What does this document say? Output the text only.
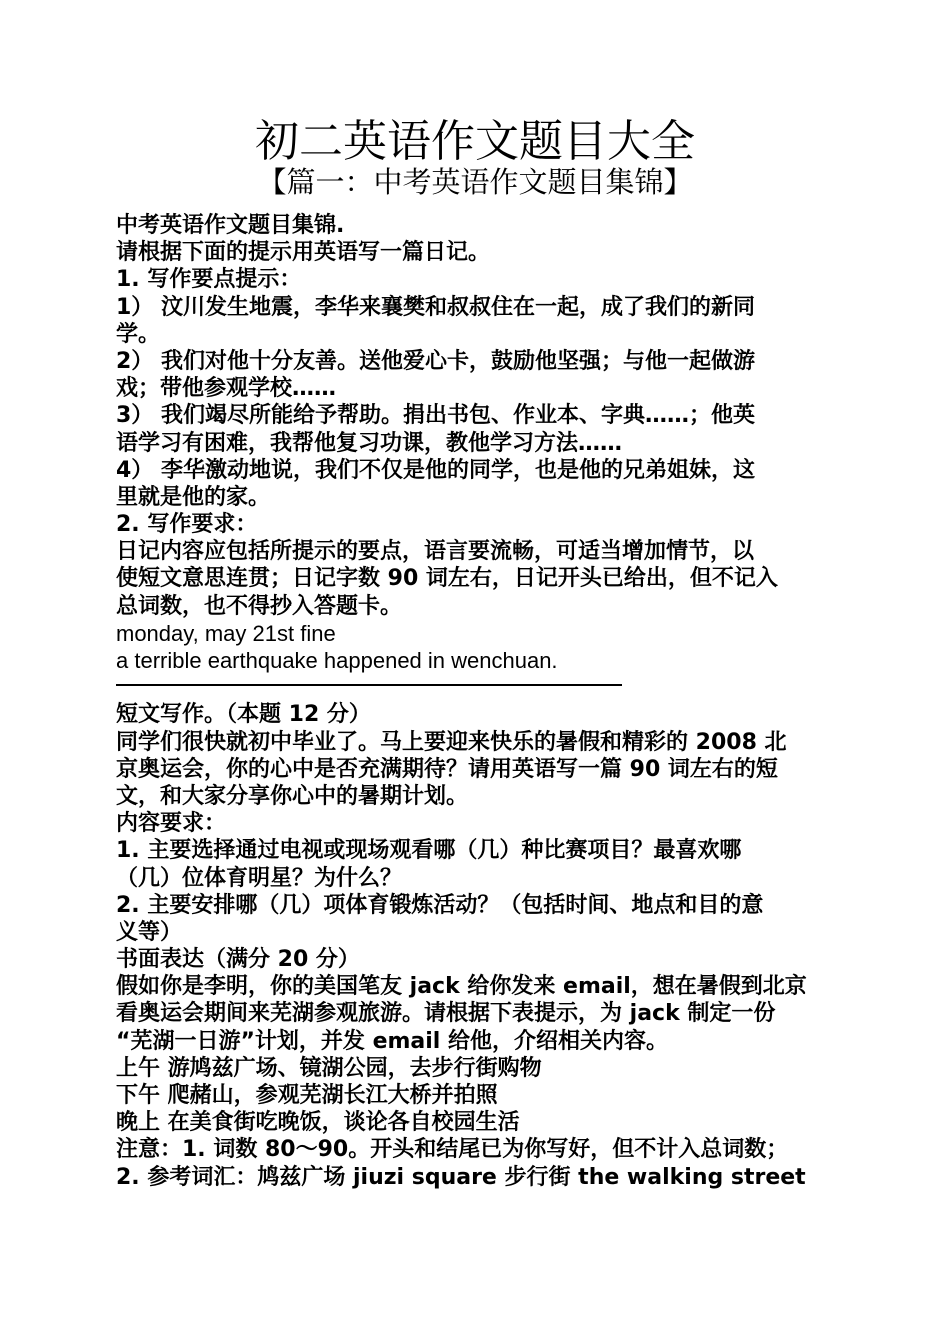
初二英语作文题目大全
【篇一：中考英语作文题目集锦】
中考英语作文题目集锦.
请根据下面的提示用英语写一篇日记。
1. 写作要点提示：
1） 汶川发生地震，李华来襄樊和叔叔住在一起，成了我们的新同
学。
2） 我们对他十分友善。送他爱心卡，鼓励他坚强；与他一起做游
戏；带他参观学校……
3） 我们竭尽所能给予帮助。捐出书包、作业本、字典……；他英
语学习有困难，我帮他复习功课，教他学习方法……
4） 李华激动地说，我们不仅是他的同学，也是他的兄弟姐妹，这
里就是他的家。
2. 写作要求：
日记内容应包括所提示的要点，语言要流畅，可适当增加情节，以
使短文意思连贯；日记字数 90 词左右，日记开头已给出，但不记入
总词数，也不得抄入答题卡。
monday, may 21st fine
a terrible earthquake happened in wenchuan.
短文写作。（本题 12 分）
同学们很快就初中毕业了。马上要迎来快乐的暑假和精彩的 2008 北
京奥运会，你的心中是否充满期待？请用英语写一篇 90 词左右的短
文，和大家分享你心中的暑期计划。
内容要求：
1. 主要选择通过电视或现场观看哪（几）种比赛项目？最喜欢哪
（几）位体育明星？为什么？
2. 主要安排哪（几）项体育锻炼活动？（包括时间、地点和目的意
义等）
书面表达（满分 20 分）
假如你是李明，你的美国笔友 jack 给你发来 email，想在暑假到北京
看奥运会期间来芜湖参观旅游。请根据下表提示，为 jack 制定一份
“芜湖一日游”计划，并发 email 给他，介绍相关内容。
上午 游鸠兹广场、镜湖公园，去步行街购物
下午 爬赭山，参观芜湖长江大桥并拍照
晚上 在美食街吃晚饭，谈论各自校园生活
注意：1. 词数 80～90。开头和结尾已为你写好，但不计入总词数；
2. 参考词汇：鸠兹广场 jiuzi square 步行街 the walking street
